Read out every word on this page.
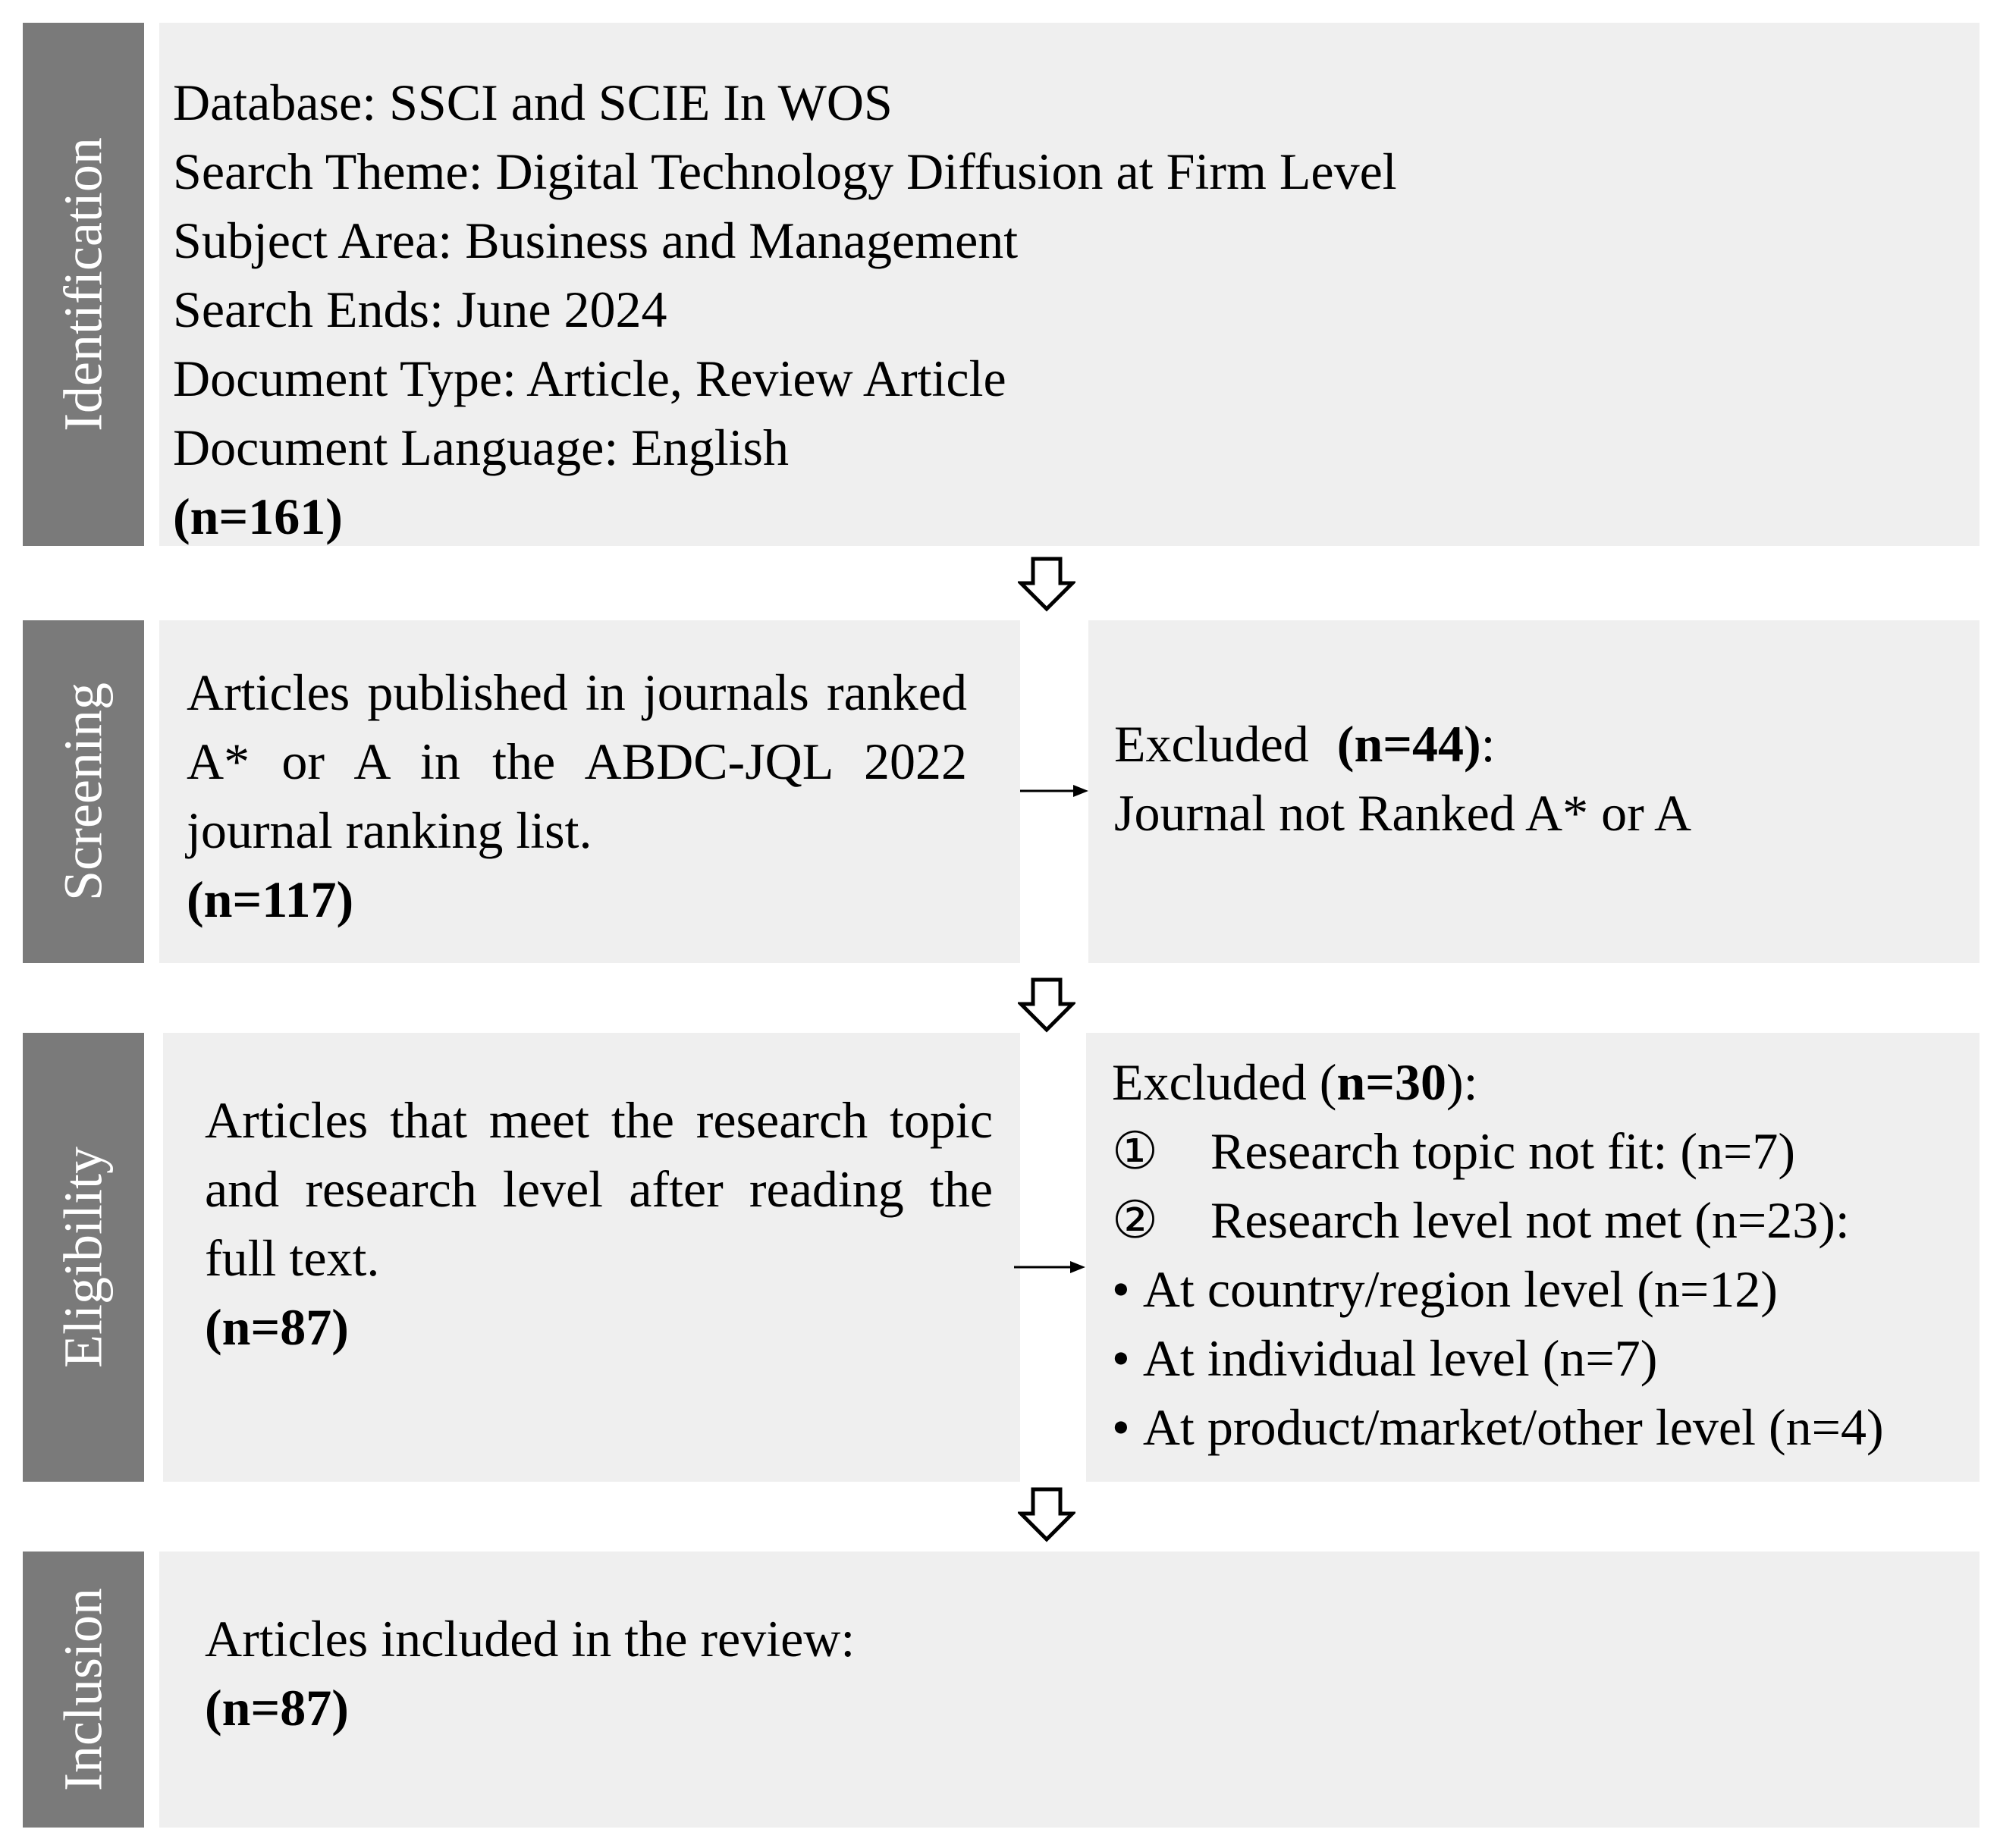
Identification
Screening
Eligibility
Inclusion
Database: SSCI and SCIE In WOS
Search Theme: Digital Technology Diffusion at Firm Level
Subject Area: Business and Management
Search Ends: June 2024
Document Type: Article, Review Article
Document Language: English
(n=161)
Articles published in journals ranked A* or A in the ABDC-JQL 2022 journal ranking list.
(n=117)
Excluded (n=44):
Journal not Ranked A* or A
Articles that meet the research topic and research level after reading the full text.
(n=87)
Excluded (n=30):
① Research topic not fit: (n=7)
② Research level not met (n=23):
• At country/region level (n=12)
• At individual level (n=7)
• At product/market/other level (n=4)
Articles included in the review:
(n=87)
